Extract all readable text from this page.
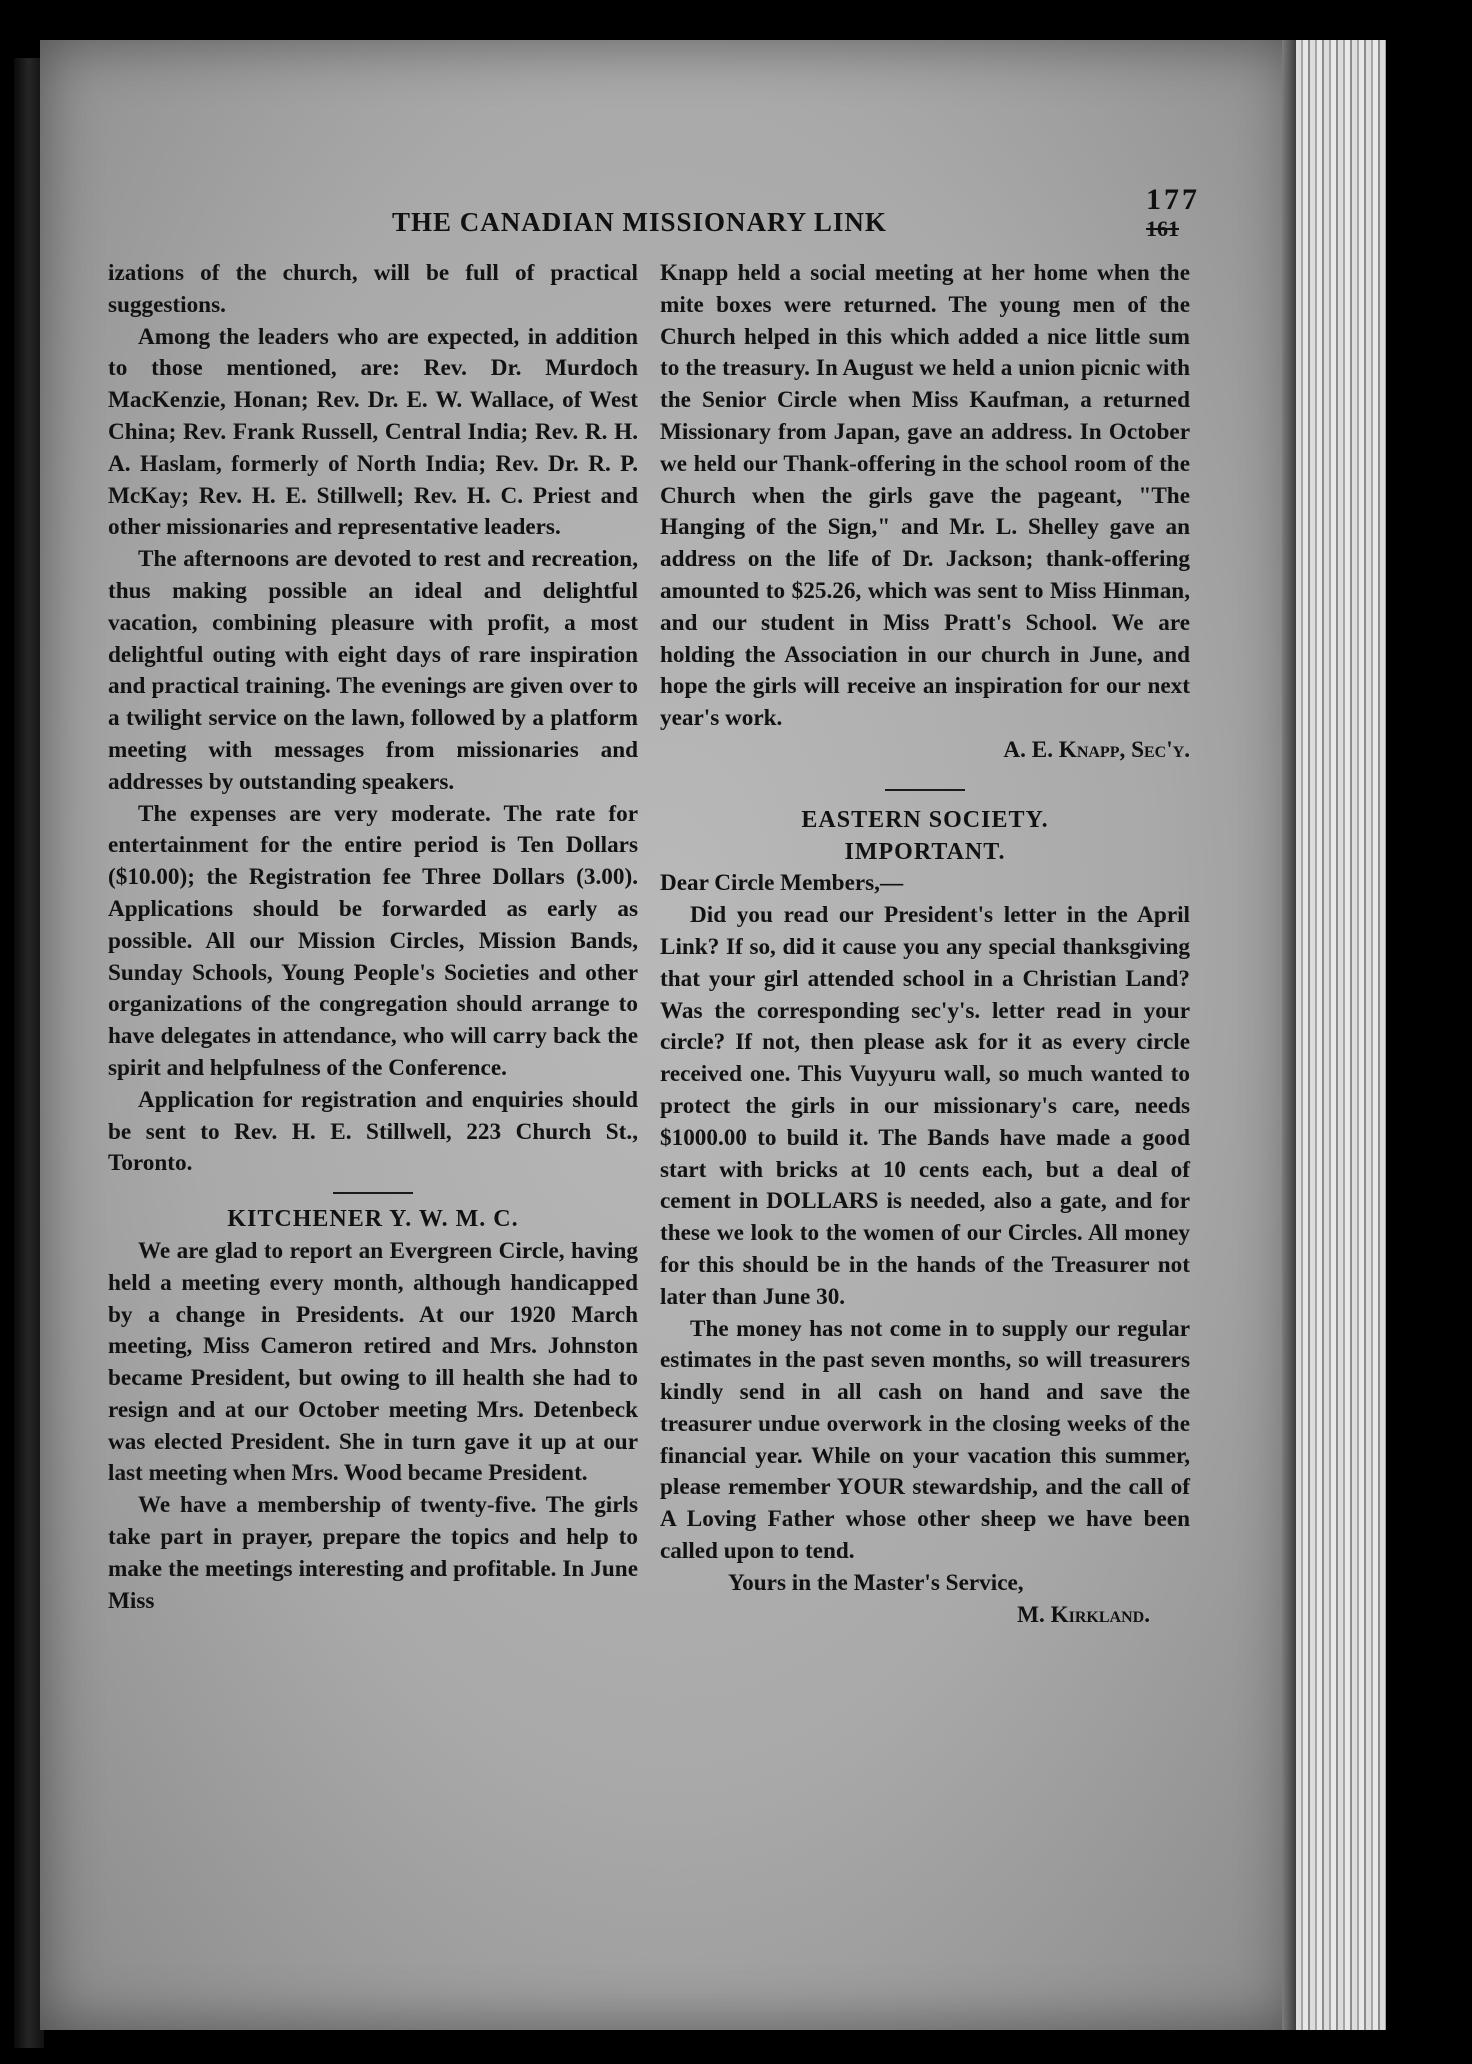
THE CANADIAN MISSIONARY LINK
177
161

izations of the church, will be full of practical suggestions.

Among the leaders who are expected, in addition to those mentioned, are: Rev. Dr. Murdoch MacKenzie, Honan; Rev. Dr. E. W. Wallace, of West China; Rev. Frank Russell, Central India; Rev. R. H. A. Haslam, formerly of North India; Rev. Dr. R. P. McKay; Rev. H. E. Stillwell; Rev. H. C. Priest and other missionaries and representative leaders.

The afternoons are devoted to rest and recreation, thus making possible an ideal and delightful vacation, combining pleasure with profit, a most delightful outing with eight days of rare inspiration and practical training. The evenings are given over to a twilight service on the lawn, followed by a platform meeting with messages from missionaries and addresses by outstanding speakers.

The expenses are very moderate. The rate for entertainment for the entire period is Ten Dollars ($10.00); the Registration fee Three Dollars (3.00). Applications should be forwarded as early as possible. All our Mission Circles, Mission Bands, Sunday Schools, Young People's Societies and other organizations of the congregation should arrange to have delegates in attendance, who will carry back the spirit and helpfulness of the Conference.

Application for registration and enquiries should be sent to Rev. H. E. Stillwell, 223 Church St., Toronto.

KITCHENER Y. W. M. C.

We are glad to report an Evergreen Circle, having held a meeting every month, although handicapped by a change in Presidents. At our 1920 March meeting, Miss Cameron retired and Mrs. Johnston became President, but owing to ill health she had to resign and at our October meeting Mrs. Detenbeck was elected President. She in turn gave it up at our last meeting when Mrs. Wood became President.

We have a membership of twenty-five. The girls take part in prayer, prepare the topics and help to make the meetings interesting and profitable. In June Miss

Knapp held a social meeting at her home when the mite boxes were returned. The young men of the Church helped in this which added a nice little sum to the treasury. In August we held a union picnic with the Senior Circle when Miss Kaufman, a returned Missionary from Japan, gave an address. In October we held our Thank-offering in the school room of the Church when the girls gave the pageant, "The Hanging of the Sign," and Mr. L. Shelley gave an address on the life of Dr. Jackson; thank-offering amounted to $25.26, which was sent to Miss Hinman, and our student in Miss Pratt's School. We are holding the Association in our church in June, and hope the girls will receive an inspiration for our next year's work.

A. E. Knapp, Sec'y.

EASTERN SOCIETY.

IMPORTANT.

Dear Circle Members,—

Did you read our President's letter in the April Link? If so, did it cause you any special thanksgiving that your girl attended school in a Christian Land? Was the corresponding sec'y's. letter read in your circle? If not, then please ask for it as every circle received one. This Vuyyuru wall, so much wanted to protect the girls in our missionary's care, needs $1000.00 to build it. The Bands have made a good start with bricks at 10 cents each, but a deal of cement in DOLLARS is needed, also a gate, and for these we look to the women of our Circles. All money for this should be in the hands of the Treasurer not later than June 30.

The money has not come in to supply our regular estimates in the past seven months, so will treasurers kindly send in all cash on hand and save the treasurer undue overwork in the closing weeks of the financial year. While on your vacation this summer, please remember YOUR stewardship, and the call of A Loving Father whose other sheep we have been called upon to tend.

Yours in the Master's Service,

M. Kirkland.
